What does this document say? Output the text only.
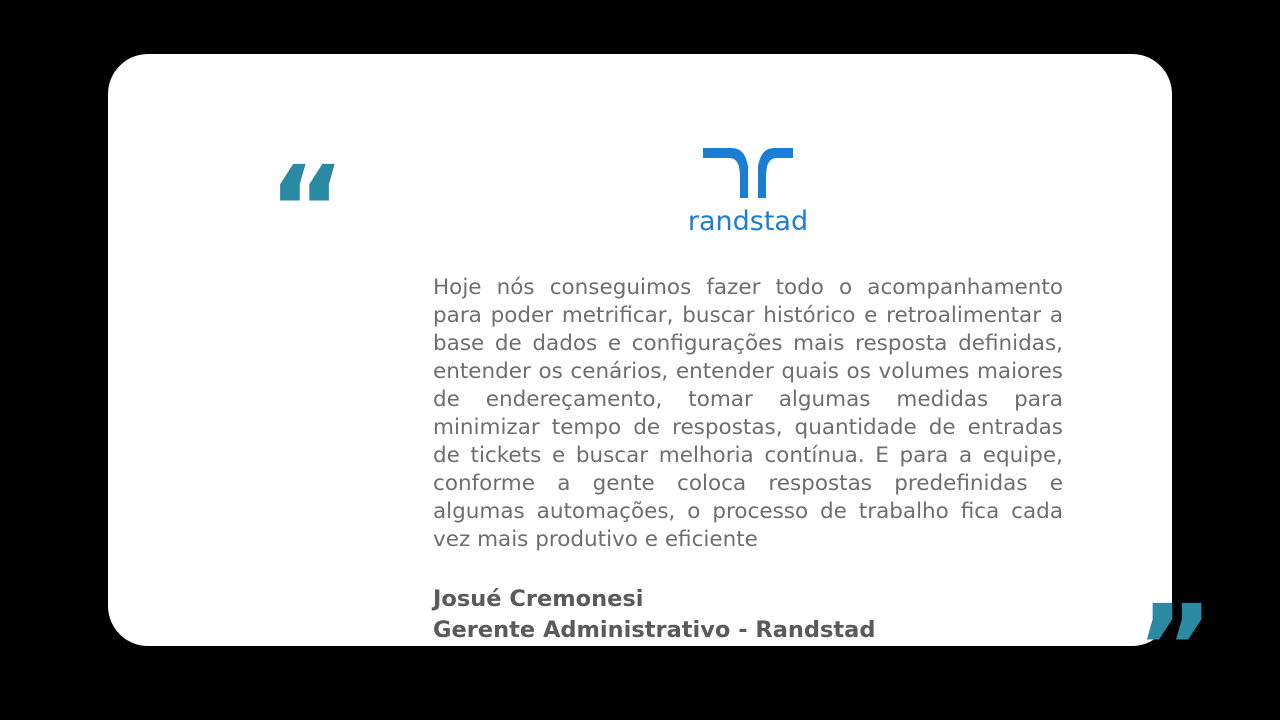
“	randstad
Hoje nós conseguimos fazer todo o acompanhamento para poder metrificar, buscar histórico e retroalimentar a base de dados e configurações mais resposta definidas, entender os cenários, entender quais os volumes maiores de endereçamento, tomar algumas medidas para minimizar tempo de respostas, quantidade de entradas de tickets e buscar melhoria contínua. E para a equipe, conforme a gente coloca respostas predefinidas e algumas automações, o processo de trabalho fica cada vez mais produtivo e eficiente
Josué Cremonesi
Gerente Administrativo - Randstad	”
